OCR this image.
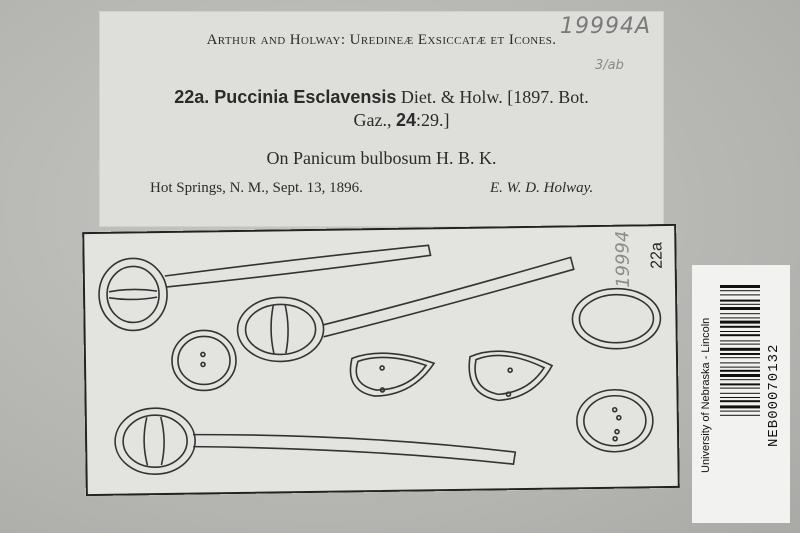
Arthur and Holway: Uredineæ Exsiccatæ et Icones.
22a. Puccinia Esclavensis Diet. & Holw. [1897. Bot.
Gaz., 24:29.]
On Panicum bulbosum H. B. K.
Hot Springs, N. M., Sept. 13, 1896.	E. W. D. Holway.
19994A
3/ab
22a
19994
University of Nebraska - Lincoln	NEB00070132
